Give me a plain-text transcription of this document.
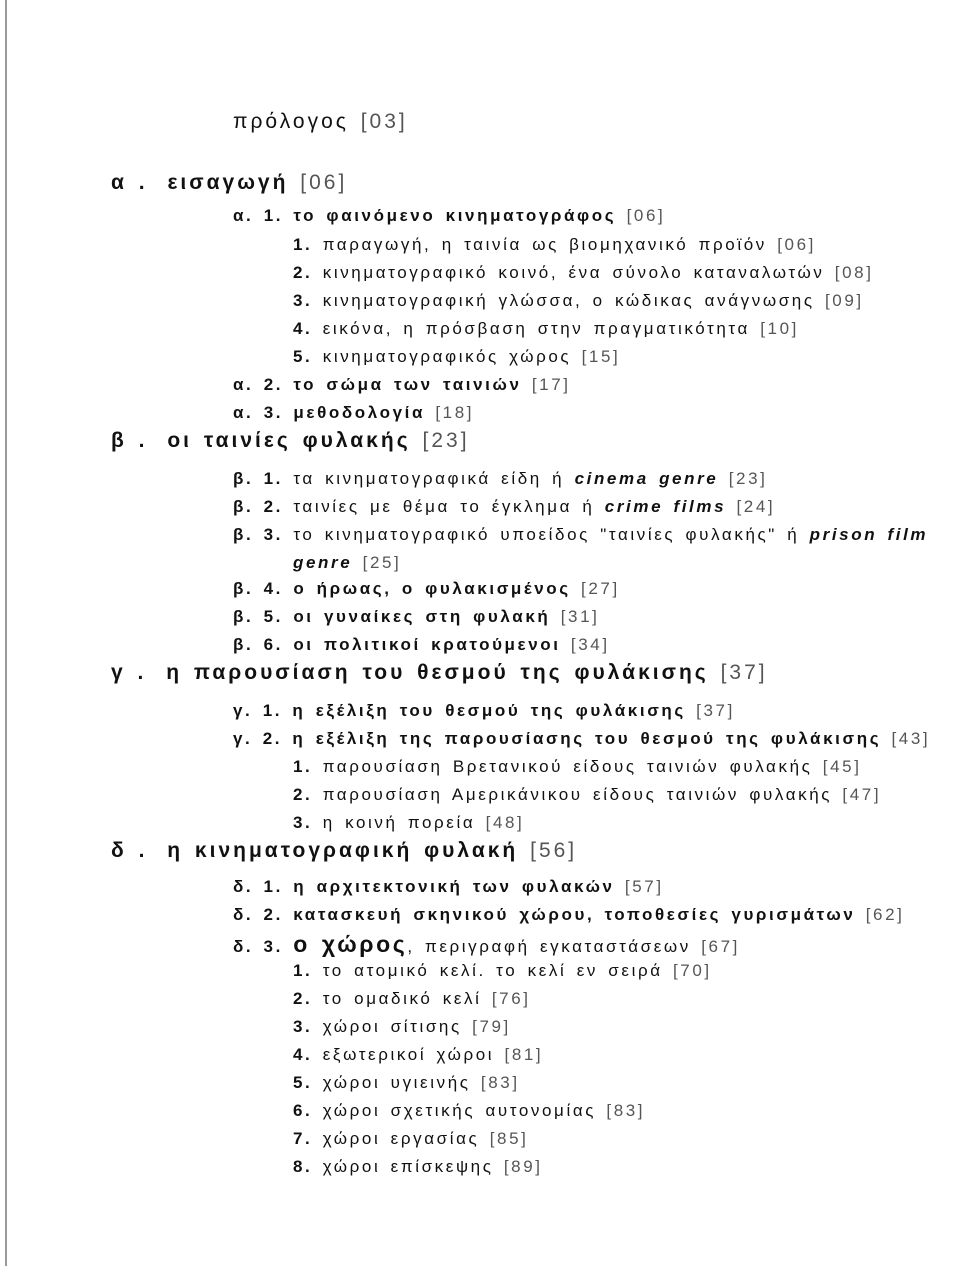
πρόλογος [03]
α . εισαγωγή [06]
α. 1. το φαινόμενο κινηματογράφος [06]
1. παραγωγή, η ταινία ως βιομηχανικό προϊόν [06]
2. κινηματογραφικό κοινό, ένα σύνολο καταναλωτών [08]
3. κινηματογραφική γλώσσα, ο κώδικας ανάγνωσης [09]
4. εικόνα, η πρόσβαση στην πραγματικότητα [10]
5. κινηματογραφικός χώρος [15]
α. 2. το σώμα των ταινιών [17]
α. 3. μεθοδολογία [18]
β . οι ταινίες φυλακής [23]
β. 1. τα κινηματογραφικά είδη ή cinema genre [23]
β. 2. ταινίες με θέμα το έγκλημα ή crime films [24]
β. 3. το κινηματογραφικό υποείδος "ταινίες φυλακής" ή prison film
genre [25]
β. 4. ο ήρωας, ο φυλακισμένος [27]
β. 5. οι γυναίκες στη φυλακή [31]
β. 6. οι πολιτικοί κρατούμενοι [34]
γ . η παρουσίαση του θεσμού της φυλάκισης [37]
γ. 1. η εξέλιξη του θεσμού της φυλάκισης [37]
γ. 2. η εξέλιξη της παρουσίασης του θεσμού της φυλάκισης [43]
1. παρουσίαση Βρετανικού είδους ταινιών φυλακής [45]
2. παρουσίαση Αμερικάνικου είδους ταινιών φυλακής [47]
3. η κοινή πορεία [48]
δ . η κινηματογραφική φυλακή [56]
δ. 1. η αρχιτεκτονική των φυλακών [57]
δ. 2. κατασκευή σκηνικού χώρου, τοποθεσίες γυρισμάτων [62]
δ. 3. ο χώρος, περιγραφή εγκαταστάσεων [67]
1. το ατομικό κελί. το κελί εν σειρά [70]
2. το ομαδικό κελί [76]
3. χώροι σίτισης [79]
4. εξωτερικοί χώροι [81]
5. χώροι υγιεινής [83]
6. χώροι σχετικής αυτονομίας [83]
7. χώροι εργασίας [85]
8. χώροι επίσκεψης [89]
